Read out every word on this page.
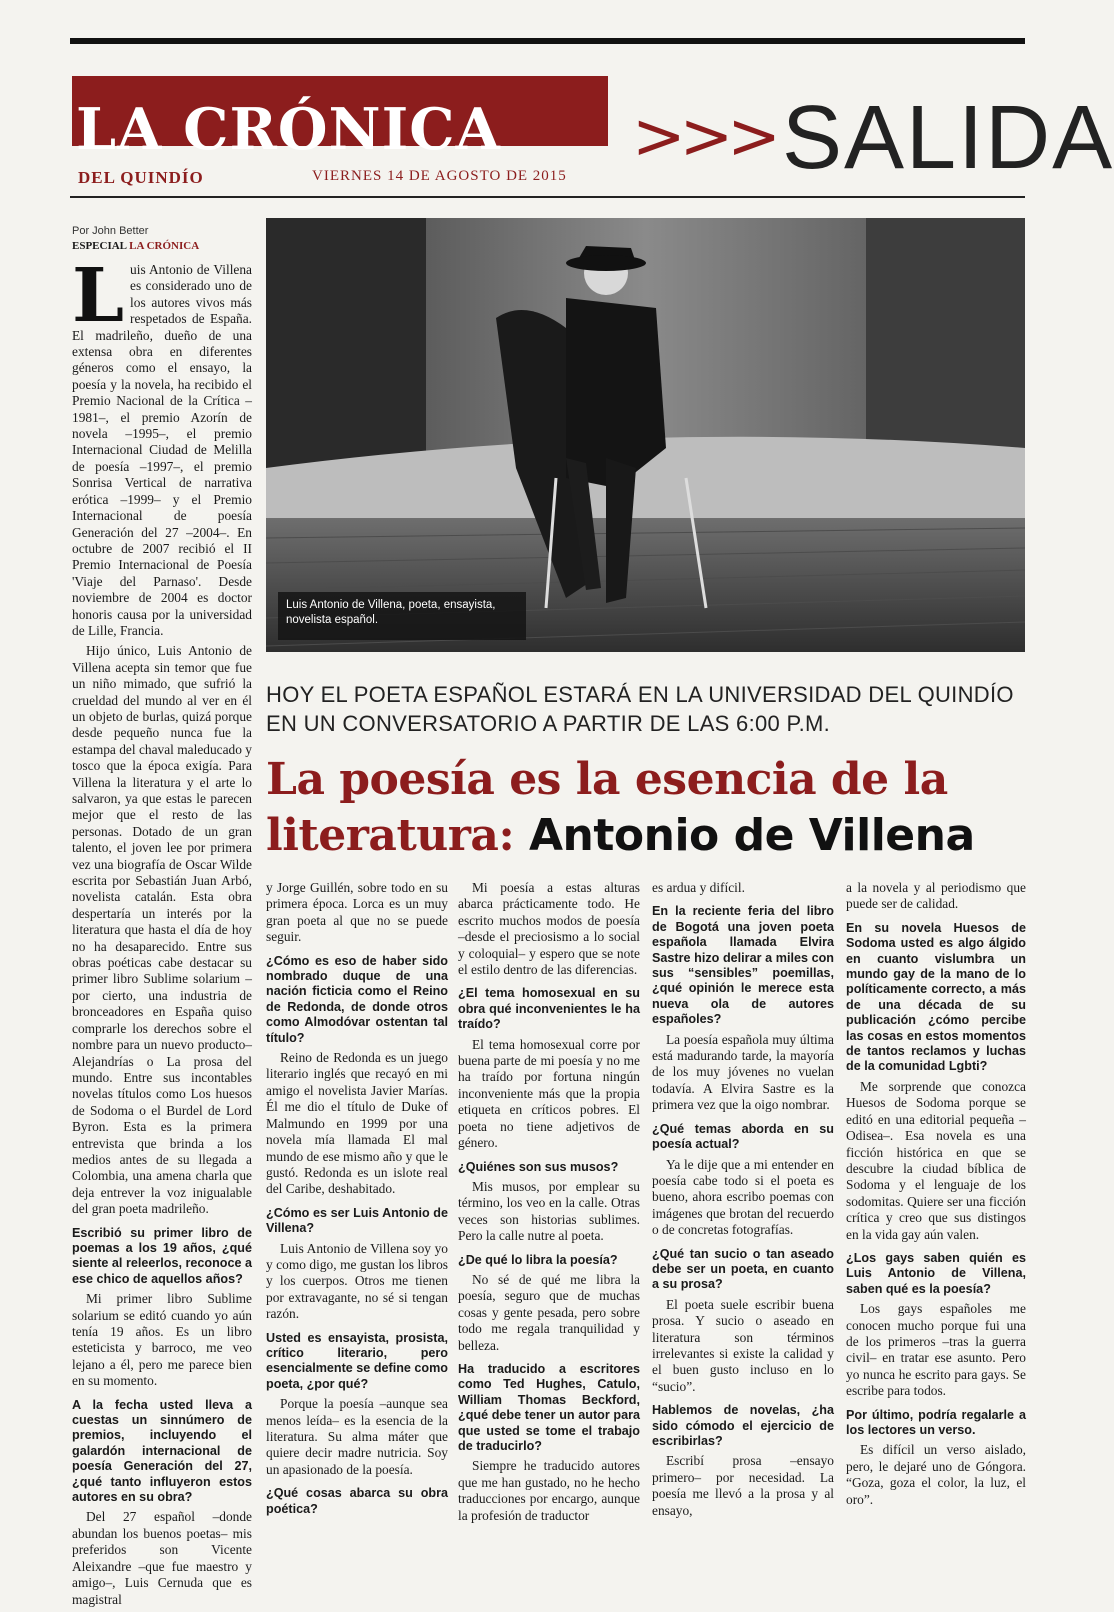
LA CRÓNICA
DEL QUINDÍO	VIERNES 14 DE AGOSTO DE 2015
>>> SALIDA
Por John Better
ESPECIAL LA CRÓNICA
Luis Antonio de Villena, poeta, ensayista, novelista español.
HOY EL POETA ESPAÑOL ESTARÁ EN LA UNIVERSIDAD DEL QUINDÍO EN UN CONVERSATORIO A PARTIR DE LAS 6:00 P.M.
La poesía es la esencia de la literatura: Antonio de Villena
L uis Antonio de Villena es considerado uno de los autores vivos más respetados de España. El madrileño, dueño de una extensa obra en diferentes géneros como el ensayo, la poesía y la novela, ha recibido el Premio Nacional de la Crítica –1981–, el premio Azorín de novela –1995–, el premio Internacional Ciudad de Melilla de poesía –1997–, el premio Sonrisa Vertical de narrativa erótica –1999– y el Premio Internacional de poesía Generación del 27 –2004–. En octubre de 2007 recibió el II Premio Internacional de Poesía 'Viaje del Parnaso'. Desde noviembre de 2004 es doctor honoris causa por la universidad de Lille, Francia.

Hijo único, Luis Antonio de Villena acepta sin temor que fue un niño mimado, que sufrió la crueldad del mundo al ver en él un objeto de burlas, quizá porque desde pequeño nunca fue la estampa del chaval maleducado y tosco que la época exigía. Para Villena la literatura y el arte lo salvaron, ya que estas le parecen mejor que el resto de las personas. Dotado de un gran talento, el joven lee por primera vez una biografía de Oscar Wilde escrita por Sebastián Juan Arbó, novelista catalán. Esta obra despertaría un interés por la literatura que hasta el día de hoy no ha desaparecido. Entre sus obras poéticas cabe destacar su primer libro Sublime solarium –por cierto, una industria de bronceadores en España quiso comprarle los derechos sobre el nombre para un nuevo producto– Alejandrías o La prosa del mundo. Entre sus incontables novelas títulos como Los huesos de Sodoma o el Burdel de Lord Byron. Esta es la primera entrevista que brinda a los medios antes de su llegada a Colombia, una amena charla que deja entrever la voz inigualable del gran poeta madrileño.

Escribió su primer libro de poemas a los 19 años, ¿qué siente al releerlos, reconoce a ese chico de aquellos años?

Mi primer libro Sublime solarium se editó cuando yo aún tenía 19 años. Es un libro esteticista y barroco, me veo lejano a él, pero me parece bien en su momento.

A la fecha usted lleva a cuestas un sinnúmero de premios, incluyendo el galardón internacional de poesía Generación del 27, ¿qué tanto influyeron estos autores en su obra?

Del 27 español –donde abundan los buenos poetas– mis preferidos son Vicente Aleixandre –que fue maestro y amigo–, Luis Cernuda que es magistral

y Jorge Guillén, sobre todo en su primera época. Lorca es un muy gran poeta al que no se puede seguir.

¿Cómo es eso de haber sido nombrado duque de una nación ficticia como el Reino de Redonda, de donde otros como Almodóvar ostentan tal título?

Reino de Redonda es un juego literario inglés que recayó en mi amigo el novelista Javier Marías. Él me dio el título de Duke of Malmundo en 1999 por una novela mía llamada El mal mundo de ese mismo año y que le gustó. Redonda es un islote real del Caribe, deshabitado.

¿Cómo es ser Luis Antonio de Villena?

Luis Antonio de Villena soy yo y como digo, me gustan los libros y los cuerpos. Otros me tienen por extravagante, no sé si tengan razón.

Usted es ensayista, prosista, crítico literario, pero esencialmente se define como poeta, ¿por qué?

Porque la poesía –aunque sea menos leída– es la esencia de la literatura. Su alma máter que quiere decir madre nutricia. Soy un apasionado de la poesía.

¿Qué cosas abarca su obra poética?

Mi poesía a estas alturas abarca prácticamente todo. He escrito muchos modos de poesía –desde el preciosismo a lo social y coloquial– y espero que se note el estilo dentro de las diferencias.

¿El tema homosexual en su obra qué inconvenientes le ha traído?

El tema homosexual corre por buena parte de mi poesía y no me ha traído por fortuna ningún inconveniente más que la propia etiqueta en críticos pobres. El poeta no tiene adjetivos de género.

¿Quiénes son sus musos?

Mis musos, por emplear su término, los veo en la calle. Otras veces son historias sublimes. Pero la calle nutre al poeta.

¿De qué lo libra la poesía?

No sé de qué me libra la poesía, seguro que de muchas cosas y gente pesada, pero sobre todo me regala tranquilidad y belleza.

Ha traducido a escritores como Ted Hughes, Catulo, William Thomas Beckford, ¿qué debe tener un autor para que usted se tome el trabajo de traducirlo?

Siempre he traducido autores que me han gustado, no he hecho traducciones por encargo, aunque la profesión de traductor

es ardua y difícil.

En la reciente feria del libro de Bogotá una joven poeta española llamada Elvira Sastre hizo delirar a miles con sus “sensibles” poemillas, ¿qué opinión le merece esta nueva ola de autores españoles?

La poesía española muy última está madurando tarde, la mayoría de los muy jóvenes no vuelan todavía. A Elvira Sastre es la primera vez que la oigo nombrar.

¿Qué temas aborda en su poesía actual?

Ya le dije que a mi entender en poesía cabe todo si el poeta es bueno, ahora escribo poemas con imágenes que brotan del recuerdo o de concretas fotografías.

¿Qué tan sucio o tan aseado debe ser un poeta, en cuanto a su prosa?

El poeta suele escribir buena prosa. Y sucio o aseado en literatura son términos irrelevantes si existe la calidad y el buen gusto incluso en lo “sucio”.

Hablemos de novelas, ¿ha sido cómodo el ejercicio de escribirlas?

Escribí prosa –ensayo primero– por necesidad. La poesía me llevó a la prosa y al ensayo,

a la novela y al periodismo que puede ser de calidad.

En su novela Huesos de Sodoma usted es algo álgido en cuanto vislumbra un mundo gay de la mano de lo políticamente correcto, a más de una década de su publicación ¿cómo percibe las cosas en estos momentos de tantos reclamos y luchas de la comunidad Lgbti?

Me sorprende que conozca Huesos de Sodoma porque se editó en una editorial pequeña –Odisea–. Esa novela es una ficción histórica en que se descubre la ciudad bíblica de Sodoma y el lenguaje de los sodomitas. Quiere ser una ficción crítica y creo que sus distingos en la vida gay aún valen.

¿Los gays saben quién es Luis Antonio de Villena, saben qué es la poesía?

Los gays españoles me conocen mucho porque fui una de los primeros –tras la guerra civil– en tratar ese asunto. Pero yo nunca he escrito para gays. Se escribe para todos.

Por último, podría regalarle a los lectores un verso.

Es difícil un verso aislado, pero, le dejaré uno de Góngora. “Goza, goza el color, la luz, el oro”.
